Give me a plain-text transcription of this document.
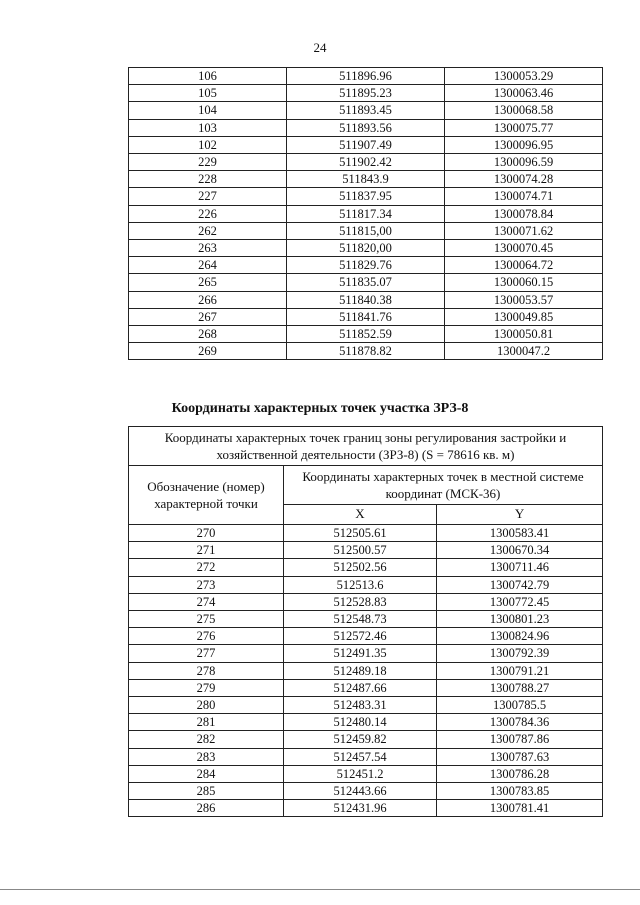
24
106	511896.96	1300053.29
105	511895.23	1300063.46
104	511893.45	1300068.58
103	511893.56	1300075.77
102	511907.49	1300096.95
229	511902.42	1300096.59
228	511843.9	1300074.28
227	511837.95	1300074.71
226	511817.34	1300078.84
262	511815,00	1300071.62
263	511820,00	1300070.45
264	511829.76	1300064.72
265	511835.07	1300060.15
266	511840.38	1300053.57
267	511841.76	1300049.85
268	511852.59	1300050.81
269	511878.82	1300047.2
Координаты характерных точек участка ЗРЗ-8
Координаты характерных точек границ зоны регулирования застройки и хозяйственной деятельности (ЗРЗ-8) (S = 78616 кв. м)		
Обозначение (номер) характерной точки	Координаты характерных точек в местной системе координат (МСК-36)	
	X	Y
270	512505.61	1300583.41
271	512500.57	1300670.34
272	512502.56	1300711.46
273	512513.6	1300742.79
274	512528.83	1300772.45
275	512548.73	1300801.23
276	512572.46	1300824.96
277	512491.35	1300792.39
278	512489.18	1300791.21
279	512487.66	1300788.27
280	512483.31	1300785.5
281	512480.14	1300784.36
282	512459.82	1300787.86
283	512457.54	1300787.63
284	512451.2	1300786.28
285	512443.66	1300783.85
286	512431.96	1300781.41
